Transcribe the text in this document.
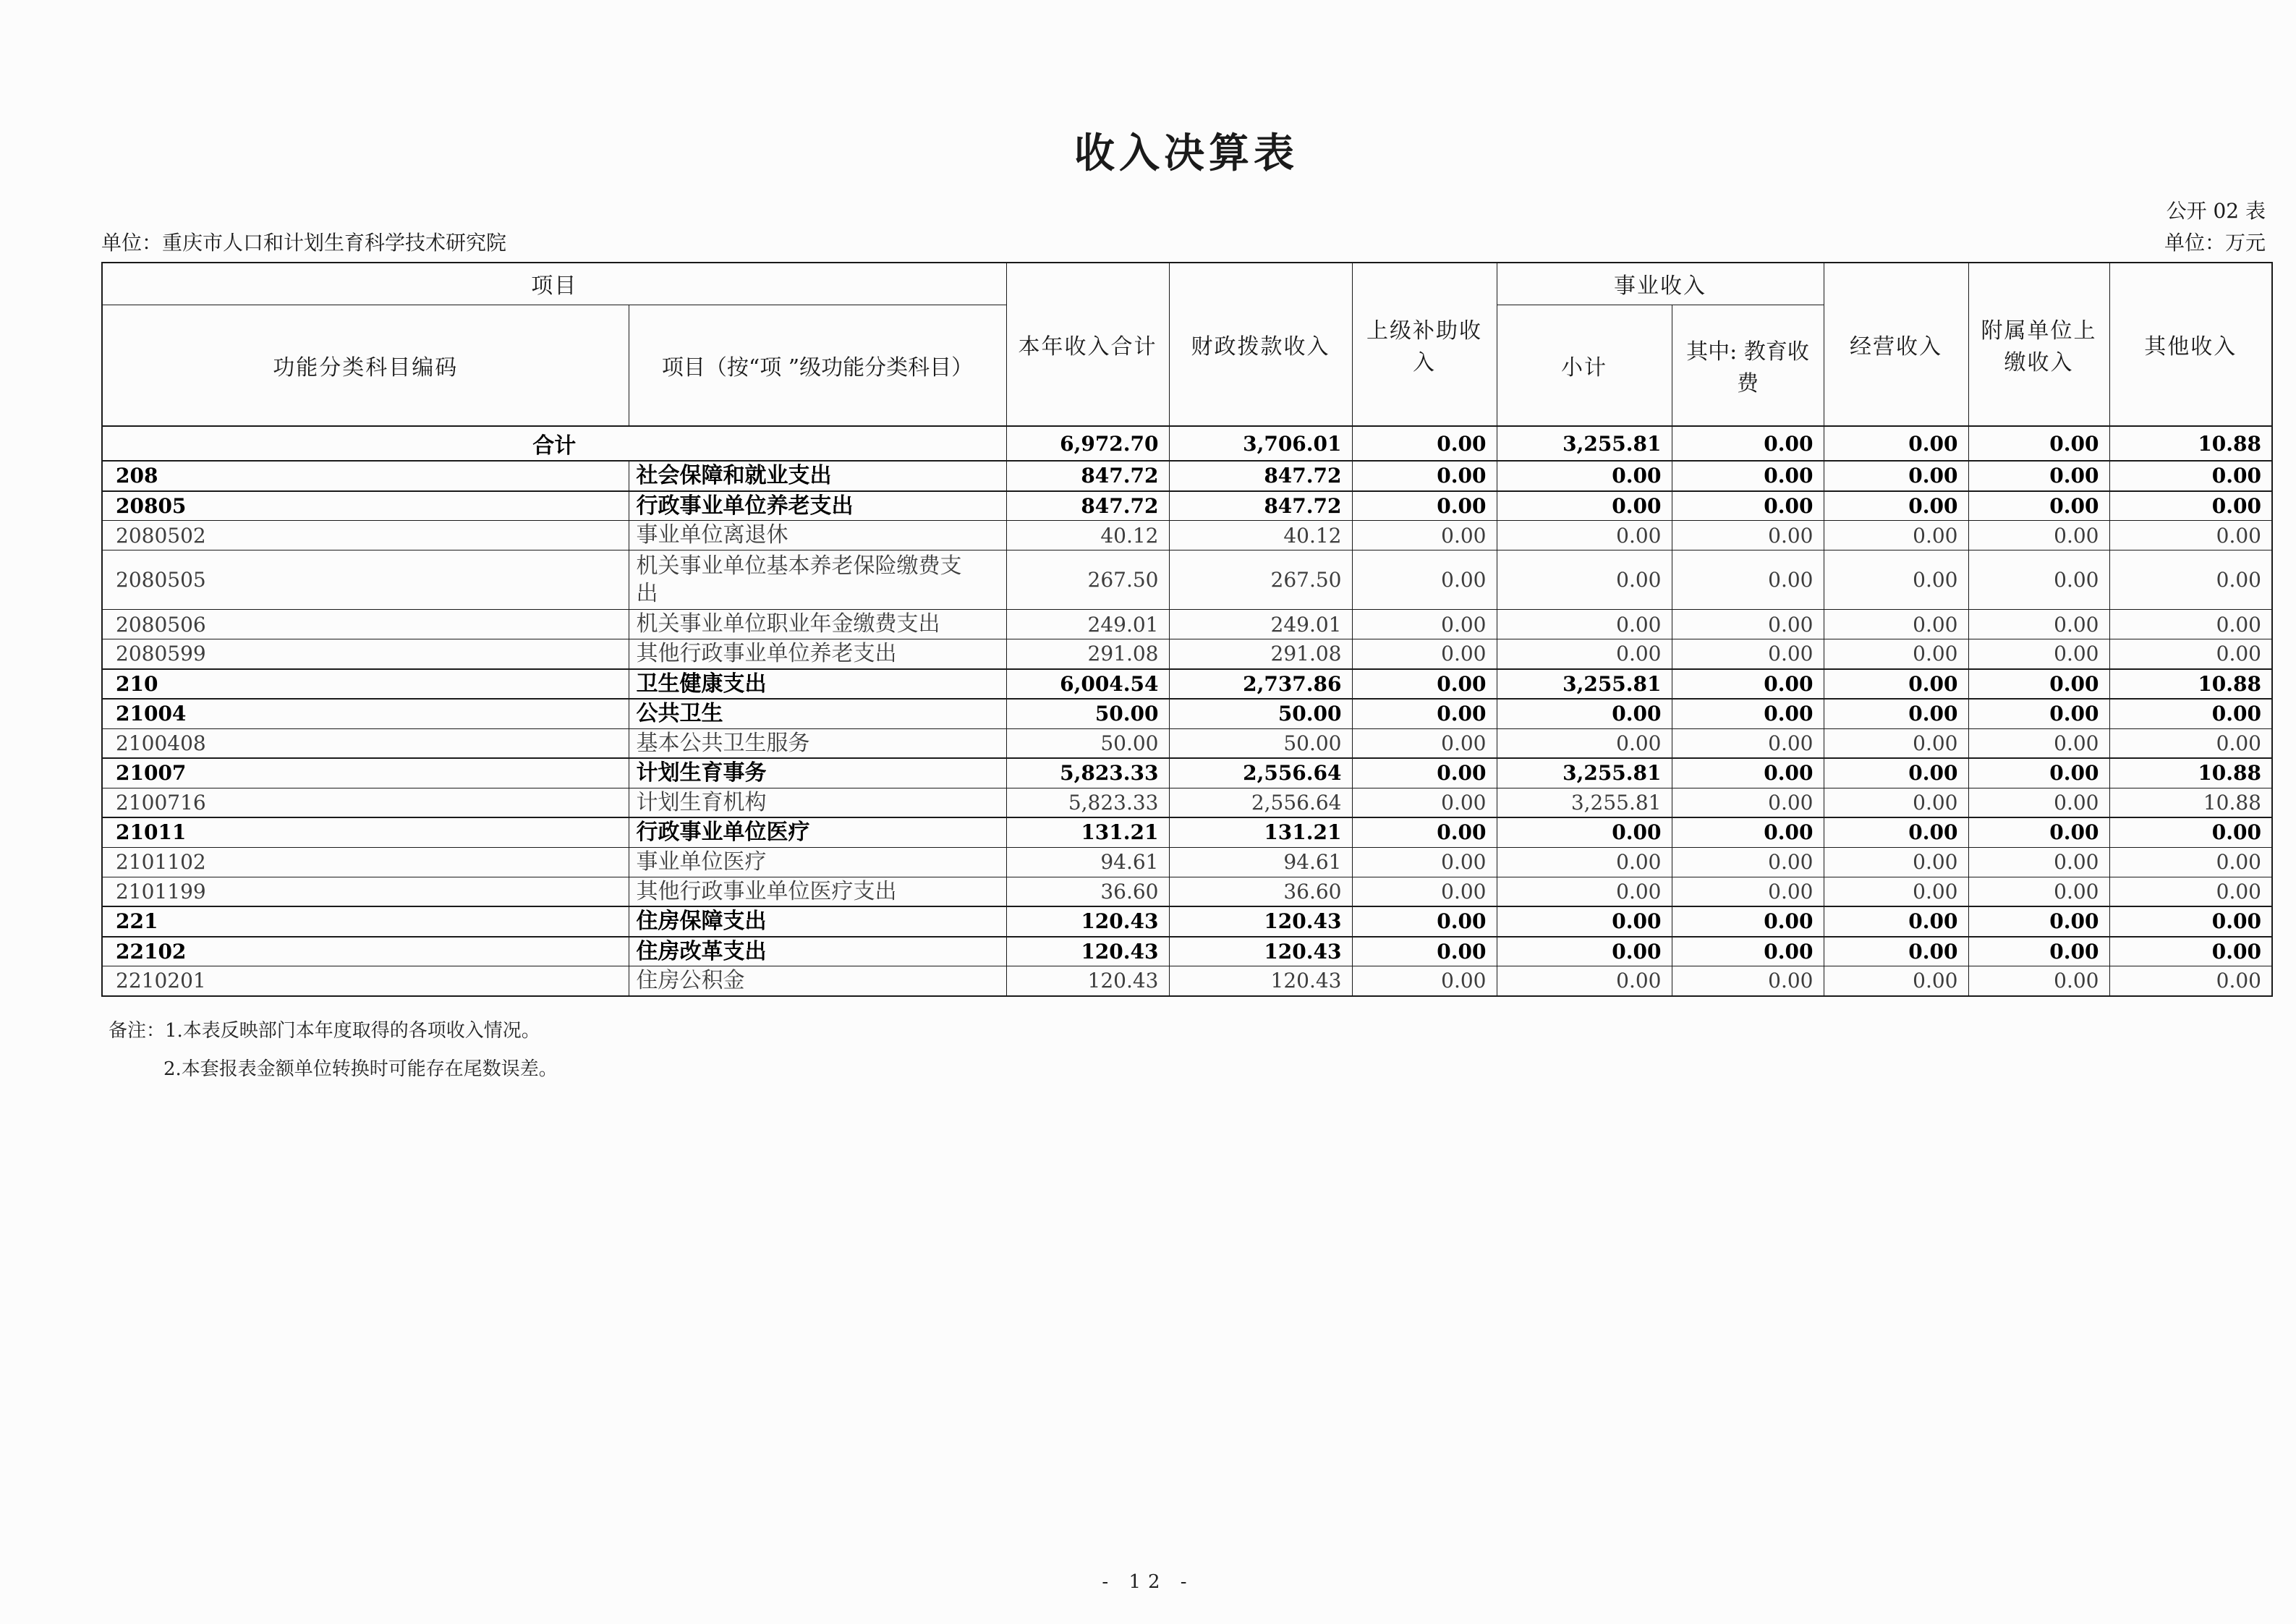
收入决算表
公开 02 表
单位：重庆市人口和计划生育科学技术研究院	单位：万元
项目		本年收入合计	财政拨款收入	上级补助收入	事业收入		经营收入	附属单位上缴收入	其他收入
功能分类科目编码	项目（按“项 ”级功能分类科目）				小计	其中: 教育收费			
合计		6,972.70	3,706.01	0.00	3,255.81	0.00	0.00	0.00	10.88
208	社会保障和就业支出	847.72	847.72	0.00	0.00	0.00	0.00	0.00	0.00
20805	行政事业单位养老支出	847.72	847.72	0.00	0.00	0.00	0.00	0.00	0.00
2080502	事业单位离退休	40.12	40.12	0.00	0.00	0.00	0.00	0.00	0.00
2080505	机关事业单位基本养老保险缴费支出	267.50	267.50	0.00	0.00	0.00	0.00	0.00	0.00
2080506	机关事业单位职业年金缴费支出	249.01	249.01	0.00	0.00	0.00	0.00	0.00	0.00
2080599	其他行政事业单位养老支出	291.08	291.08	0.00	0.00	0.00	0.00	0.00	0.00
210	卫生健康支出	6,004.54	2,737.86	0.00	3,255.81	0.00	0.00	0.00	10.88
21004	公共卫生	50.00	50.00	0.00	0.00	0.00	0.00	0.00	0.00
2100408	基本公共卫生服务	50.00	50.00	0.00	0.00	0.00	0.00	0.00	0.00
21007	计划生育事务	5,823.33	2,556.64	0.00	3,255.81	0.00	0.00	0.00	10.88
2100716	计划生育机构	5,823.33	2,556.64	0.00	3,255.81	0.00	0.00	0.00	10.88
21011	行政事业单位医疗	131.21	131.21	0.00	0.00	0.00	0.00	0.00	0.00
2101102	事业单位医疗	94.61	94.61	0.00	0.00	0.00	0.00	0.00	0.00
2101199	其他行政事业单位医疗支出	36.60	36.60	0.00	0.00	0.00	0.00	0.00	0.00
221	住房保障支出	120.43	120.43	0.00	0.00	0.00	0.00	0.00	0.00
22102	住房改革支出	120.43	120.43	0.00	0.00	0.00	0.00	0.00	0.00
2210201	住房公积金	120.43	120.43	0.00	0.00	0.00	0.00	0.00	0.00
备注：1.本表反映部门本年度取得的各项收入情况。
2.本套报表金额单位转换时可能存在尾数误差。
- 12 -
